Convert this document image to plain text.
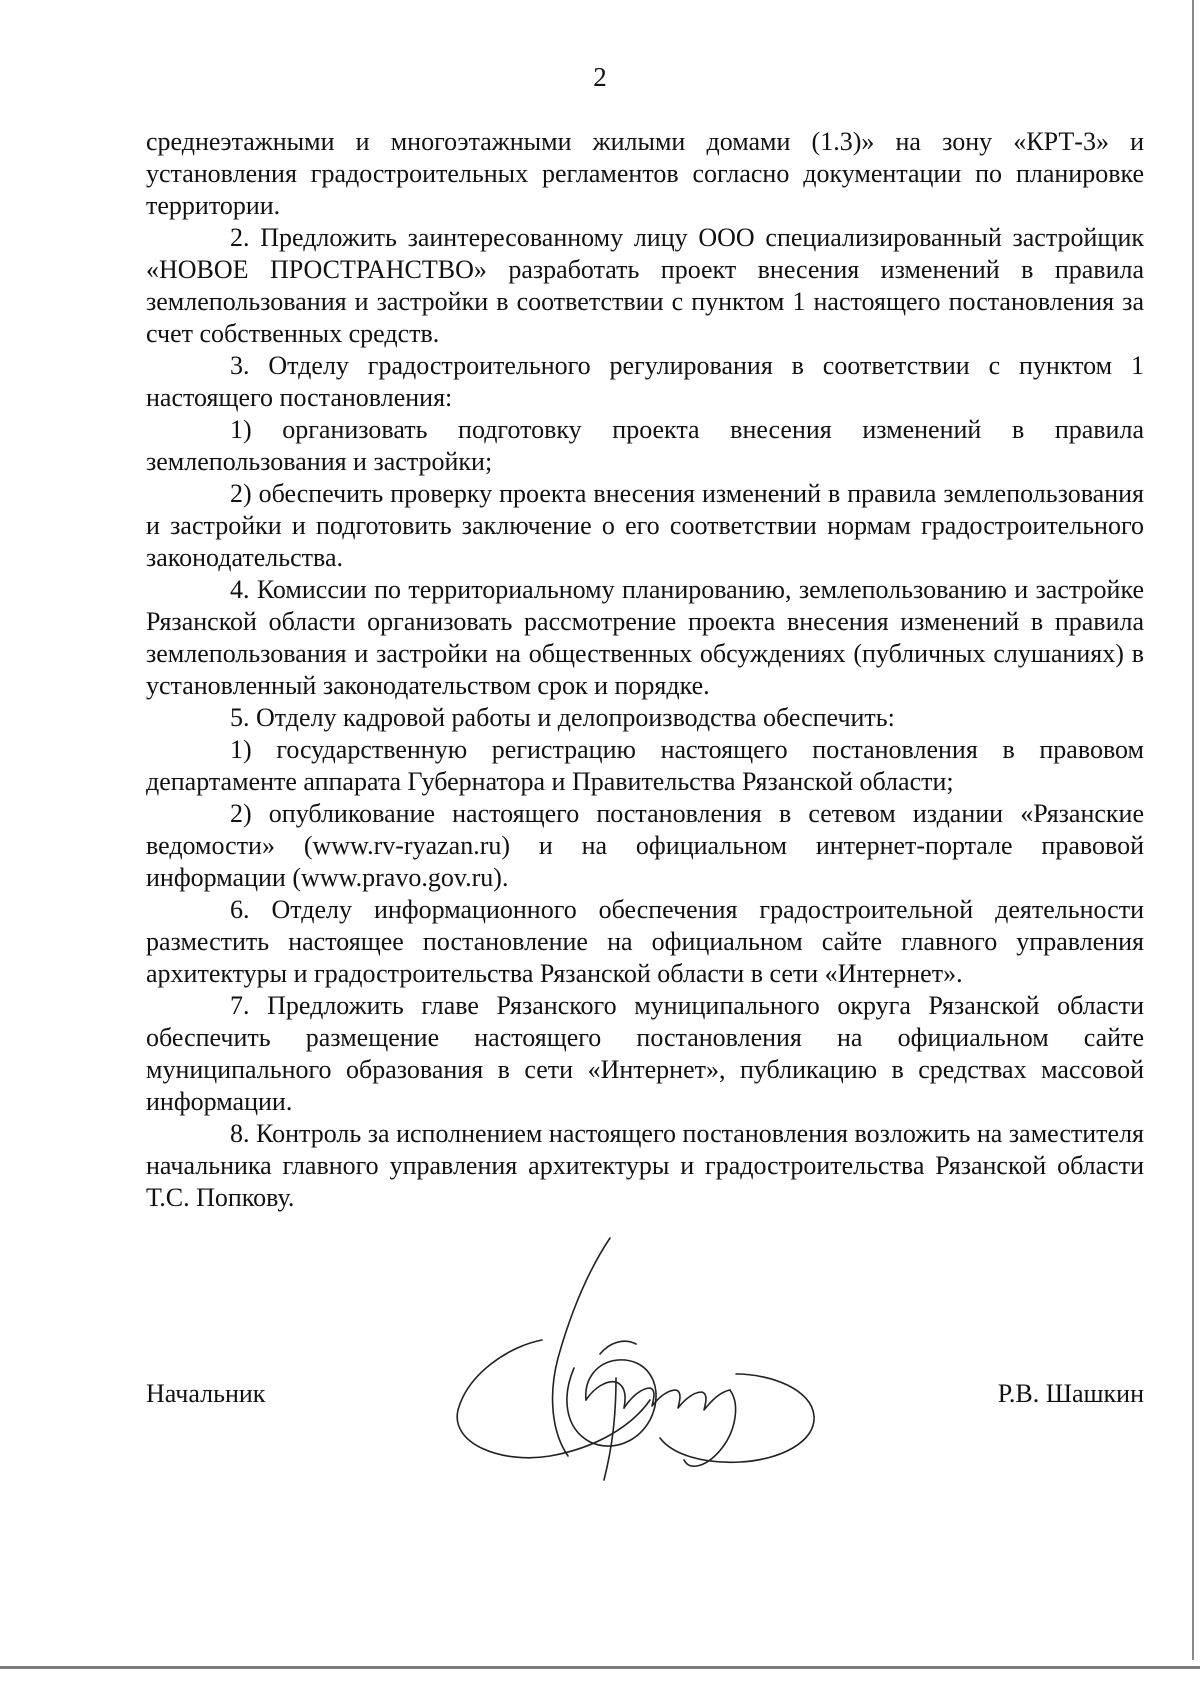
2

среднеэтажными и многоэтажными жилыми домами (1.3)» на зону «КРТ-3» и установления градостроительных регламентов согласно документации по планировке территории.

2. Предложить заинтересованному лицу ООО специализированный застройщик «НОВОЕ ПРОСТРАНСТВО» разработать проект внесения изменений в правила землепользования и застройки в соответствии с пунктом 1 настоящего постановления за счет собственных средств.

3. Отделу градостроительного регулирования в соответствии с пунктом 1 настоящего постановления:

1) организовать подготовку проекта внесения изменений в правила землепользования и застройки;

2) обеспечить проверку проекта внесения изменений в правила землепользования и застройки и подготовить заключение о его соответствии нормам градостроительного законодательства.

4. Комиссии по территориальному планированию, землепользованию и застройке Рязанской области организовать рассмотрение проекта внесения изменений в правила землепользования и застройки на общественных обсуждениях (публичных слушаниях) в установленный законодательством срок и порядке.

5. Отделу кадровой работы и делопроизводства обеспечить:

1) государственную регистрацию настоящего постановления в правовом департаменте аппарата Губернатора и Правительства Рязанской области;

2) опубликование настоящего постановления в сетевом издании «Рязанские ведомости» (www.rv-ryazan.ru) и на официальном интернет-портале правовой информации (www.pravo.gov.ru).

6. Отделу информационного обеспечения градостроительной деятельности разместить настоящее постановление на официальном сайте главного управления архитектуры и градостроительства Рязанской области в сети «Интернет».

7. Предложить главе Рязанского муниципального округа Рязанской области обеспечить размещение настоящего постановления на официальном сайте муниципального образования в сети «Интернет», публикацию в средствах массовой информации.

8. Контроль за исполнением настоящего постановления возложить на заместителя начальника главного управления архитектуры и градостроительства Рязанской области Т.С. Попкову.

Начальник	Р.В. Шашкин
